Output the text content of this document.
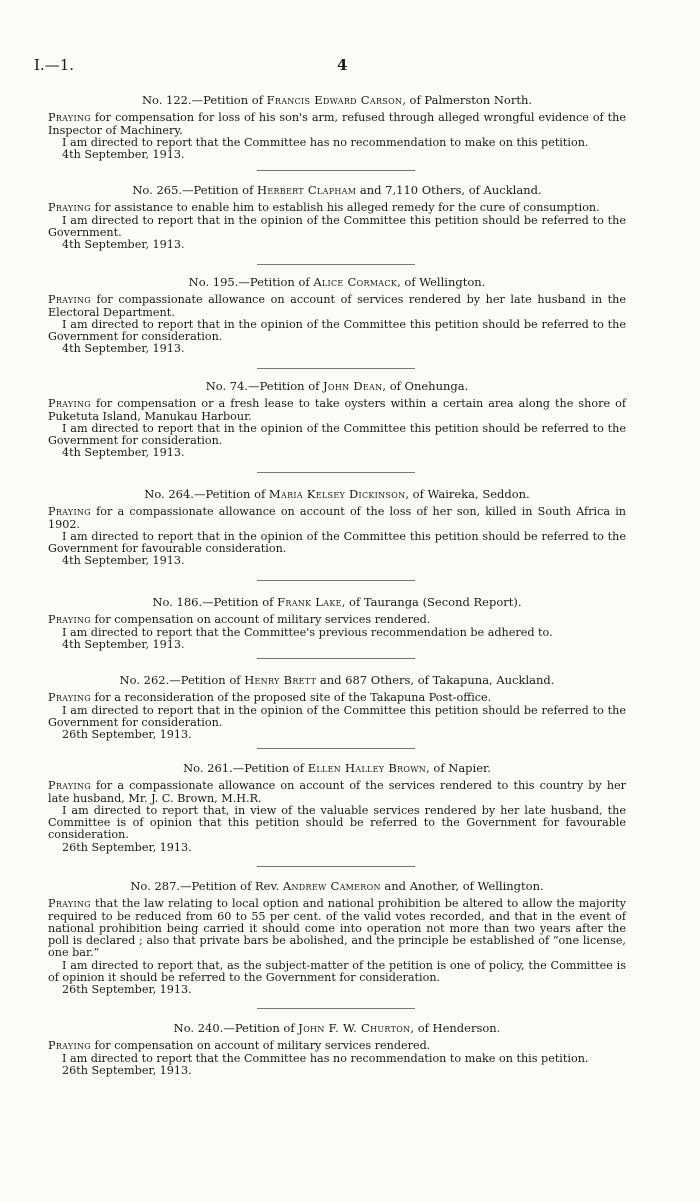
I.—1.	4
No. 122.—Petition of Francis Edward Carson, of Palmerston North.
Praying for compensation for loss of his son's arm, refused through alleged wrongful evidence of the Inspector of Machinery.
I am directed to report that the Committee has no recommendation to make on this petition.
4th September, 1913.
No. 265.—Petition of Herbert Clapham and 7,110 Others, of Auckland.
Praying for assistance to enable him to establish his alleged remedy for the cure of consumption.
I am directed to report that in the opinion of the Committee this petition should be referred to the Government.
4th September, 1913.
No. 195.—Petition of Alice Cormack, of Wellington.
Praying for compassionate allowance on account of services rendered by her late husband in the Electoral Department.
I am directed to report that in the opinion of the Committee this petition should be referred to the Government for consideration.
4th September, 1913.
No. 74.—Petition of John Dean, of Onehunga.
Praying for compensation or a fresh lease to take oysters within a certain area along the shore of Puketuta Island, Manukau Harbour.
I am directed to report that in the opinion of the Committee this petition should be referred to the Government for consideration.
4th September, 1913.
No. 264.—Petition of Maria Kelsey Dickinson, of Waireka, Seddon.
Praying for a compassionate allowance on account of the loss of her son, killed in South Africa in 1902.
I am directed to report that in the opinion of the Committee this petition should be referred to the Government for favourable consideration.
4th September, 1913.
No. 186.—Petition of Frank Lake, of Tauranga (Second Report).
Praying for compensation on account of military services rendered.
I am directed to report that the Committee's previous recommendation be adhered to.
4th September, 1913.
No. 262.—Petition of Henry Brett and 687 Others, of Takapuna, Auckland.
Praying for a reconsideration of the proposed site of the Takapuna Post-office.
I am directed to report that in the opinion of the Committee this petition should be referred to the Government for consideration.
26th September, 1913.
No. 261.—Petition of Ellen Halley Brown, of Napier.
Praying for a compassionate allowance on account of the services rendered to this country by her late husband, Mr. J. C. Brown, M.H.R.
I am directed to report that, in view of the valuable services rendered by her late husband, the Committee is of opinion that this petition should be referred to the Government for favourable consideration.
26th September, 1913.
No. 287.—Petition of Rev. Andrew Cameron and Another, of Wellington.
Praying that the law relating to local option and national prohibition be altered to allow the majority required to be reduced from 60 to 55 per cent. of the valid votes recorded, and that in the event of national prohibition being carried it should come into operation not more than two years after the poll is declared ; also that private bars be abolished, and the principle be established of “one license, one bar.”
I am directed to report that, as the subject-matter of the petition is one of policy, the Committee is of opinion it should be referred to the Government for consideration.
26th September, 1913.
No. 240.—Petition of John F. W. Churton, of Henderson.
Praying for compensation on account of military services rendered.
I am directed to report that the Committee has no recommendation to make on this petition.
26th September, 1913.
